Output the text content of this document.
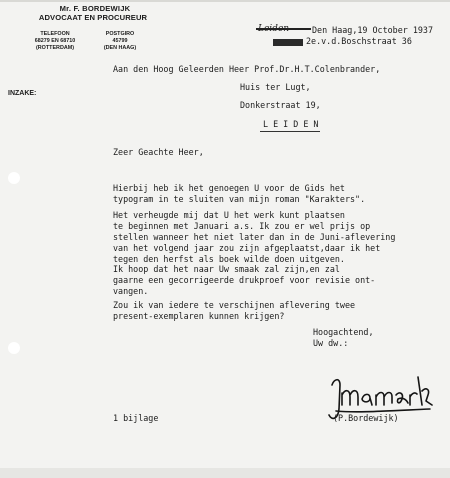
Mr. F. BORDEWIJK
ADVOCAAT EN PROCUREUR
TELEFOON
68279 EN 68710
(ROTTERDAM)
POSTGIRO
45799
(DEN HAAG)
INZAKE:
Den Haag,19 October 1937
2e.v.d.Boschstraat 36
Aan den Hoog Geleerden Heer Prof.Dr.H.T.Colenbrander,
Huis ter Lugt,
Donkerstraat 19,
L E I D E N
Zeer Geachte Heer,
Hierbij heb ik het genoegen U voor de Gids het
typogram in te sluiten van mijn roman "Karakters".
Het verheugde mij dat U het werk kunt plaatsen
te beginnen met Januari a.s. Ik zou er wel prijs op
stellen wanneer het niet later dan in de Juni-aflevering
van het volgend jaar zou zijn afgeplaatst,daar ik het
tegen den herfst als boek wilde doen uitgeven.
Ik hoop dat het naar Uw smaak zal zijn,en zal
gaarne een gecorrigeerde drukproef voor revisie ont-
vangen.
Zou ik van iedere te verschijnen aflevering twee
present-exemplaren kunnen krijgen?
Hoogachtend,
Uw dw.:
(P.Bordewijk)
1 bijlage
